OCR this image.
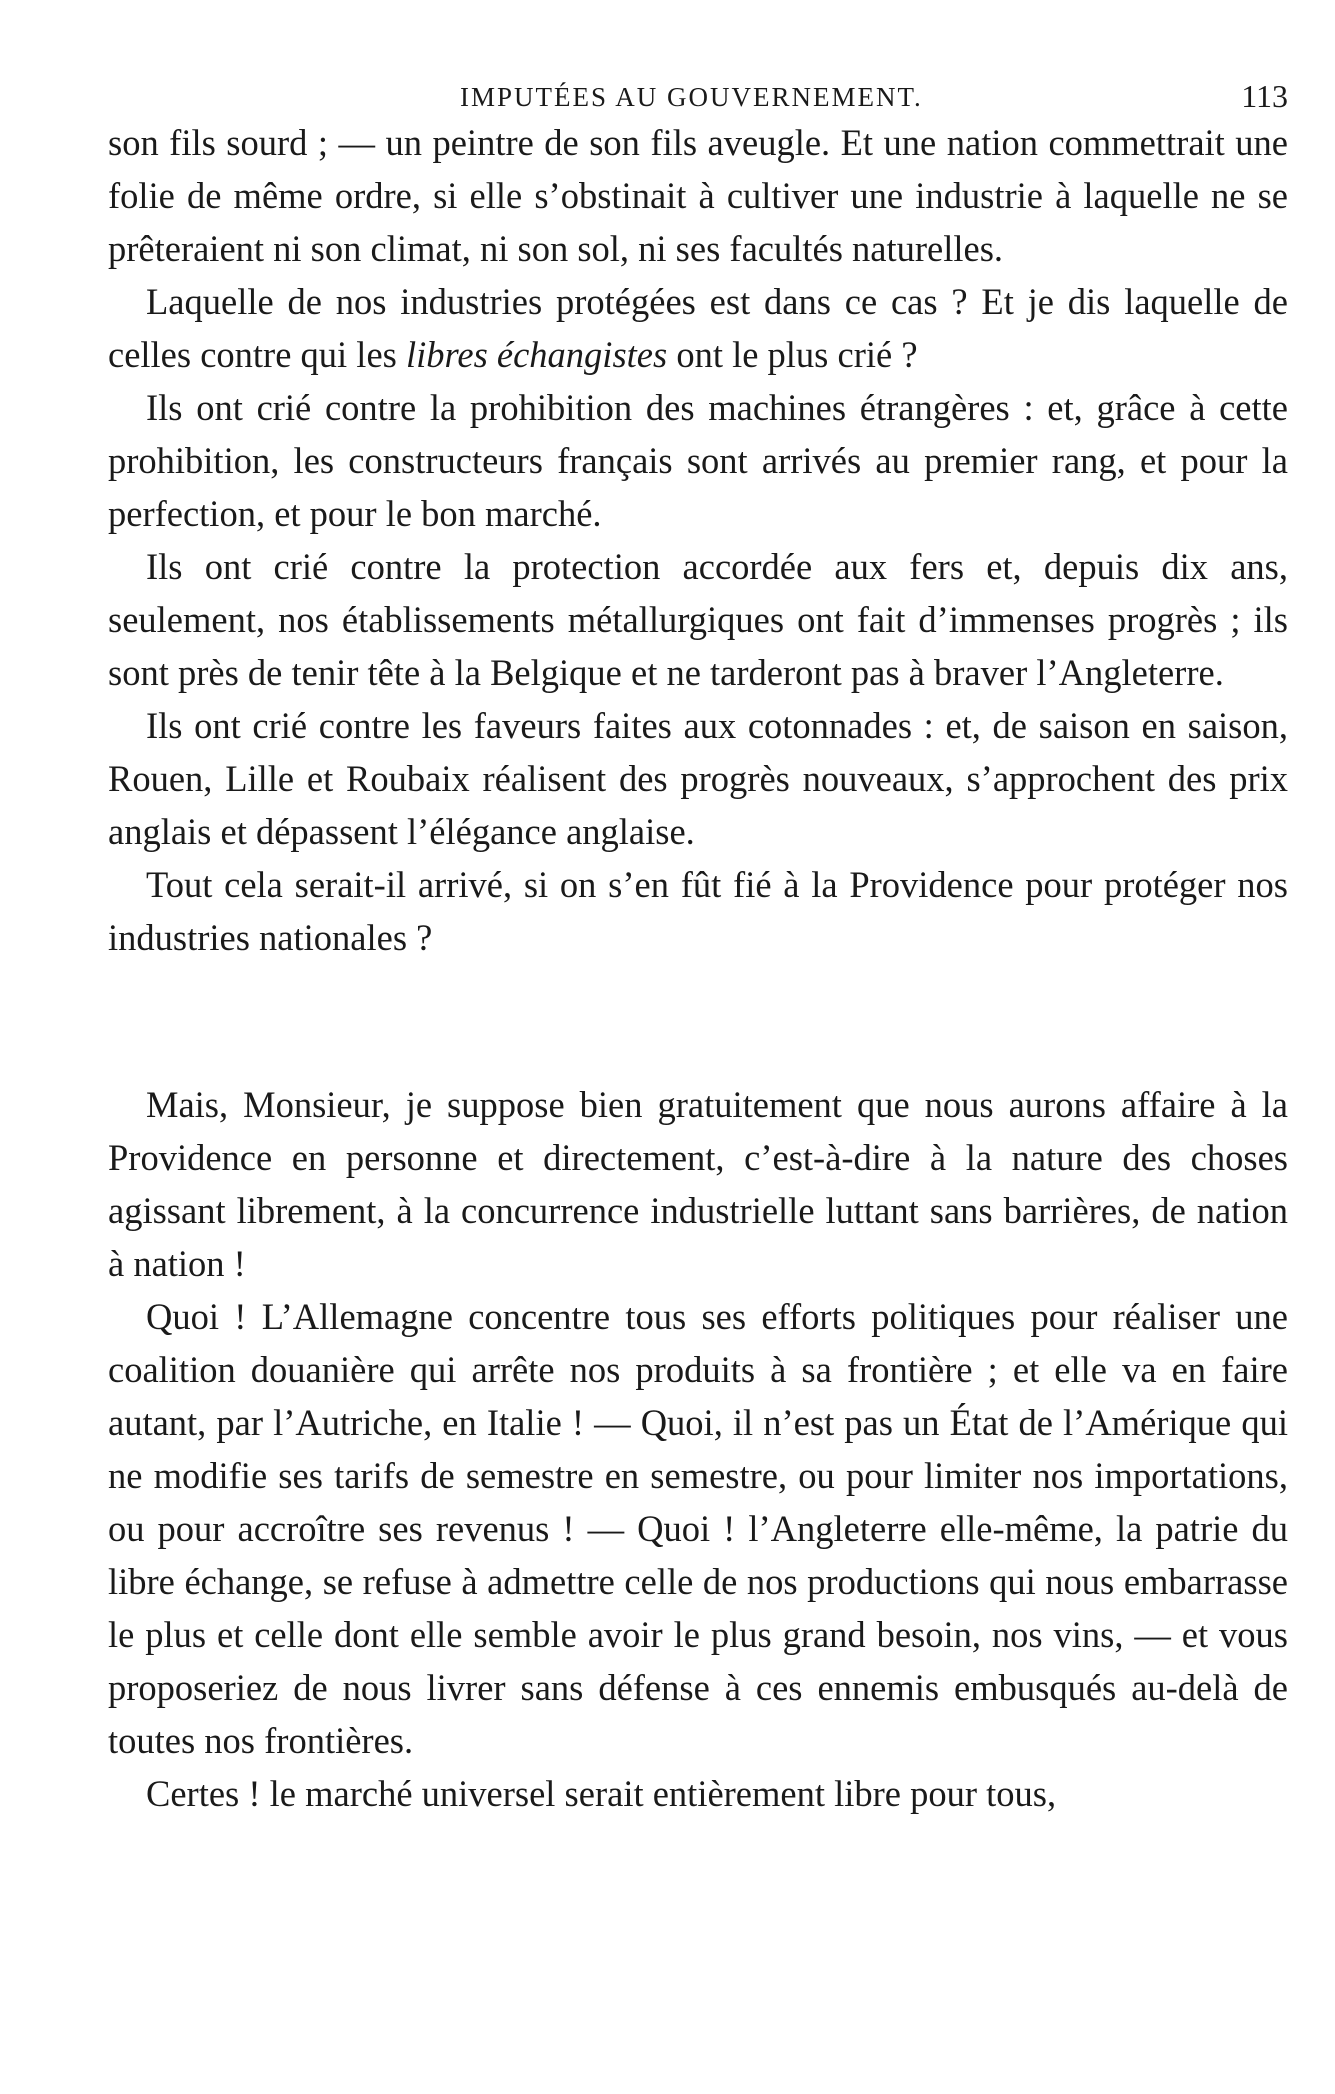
IMPUTÉES AU GOUVERNEMENT.	113

son fils sourd ; — un peintre de son fils aveugle. Et une nation commettrait une folie de même ordre, si elle s’obstinait à cultiver une industrie à laquelle ne se prêteraient ni son climat, ni son sol, ni ses facultés naturelles.

Laquelle de nos industries protégées est dans ce cas ? Et je dis laquelle de celles contre qui les libres échangistes ont le plus crié ?

Ils ont crié contre la prohibition des machines étrangères : et, grâce à cette prohibition, les constructeurs français sont arrivés au premier rang, et pour la perfection, et pour le bon marché.

Ils ont crié contre la protection accordée aux fers et, depuis dix ans, seulement, nos établissements métallurgiques ont fait d’immenses progrès ; ils sont près de tenir tête à la Belgique et ne tarderont pas à braver l’Angleterre.

Ils ont crié contre les faveurs faites aux cotonnades : et, de saison en saison, Rouen, Lille et Roubaix réalisent des progrès nouveaux, s’approchent des prix anglais et dépassent l’élégance anglaise.

Tout cela serait-il arrivé, si on s’en fût fié à la Providence pour protéger nos industries nationales ?

Mais, Monsieur, je suppose bien gratuitement que nous aurons affaire à la Providence en personne et directement, c’est-à-dire à la nature des choses agissant librement, à la concurrence industrielle luttant sans barrières, de nation à nation !

Quoi ! L’Allemagne concentre tous ses efforts politiques pour réaliser une coalition douanière qui arrête nos produits à sa frontière ; et elle va en faire autant, par l’Autriche, en Italie ! — Quoi, il n’est pas un État de l’Amérique qui ne modifie ses tarifs de semestre en semestre, ou pour limiter nos importations, ou pour accroître ses revenus ! — Quoi ! l’Angleterre elle-même, la patrie du libre échange, se refuse à admettre celle de nos productions qui nous embarrasse le plus et celle dont elle semble avoir le plus grand besoin, nos vins, — et vous proposeriez de nous livrer sans défense à ces ennemis embusqués au-delà de toutes nos frontières.

Certes ! le marché universel serait entièrement libre pour tous,
